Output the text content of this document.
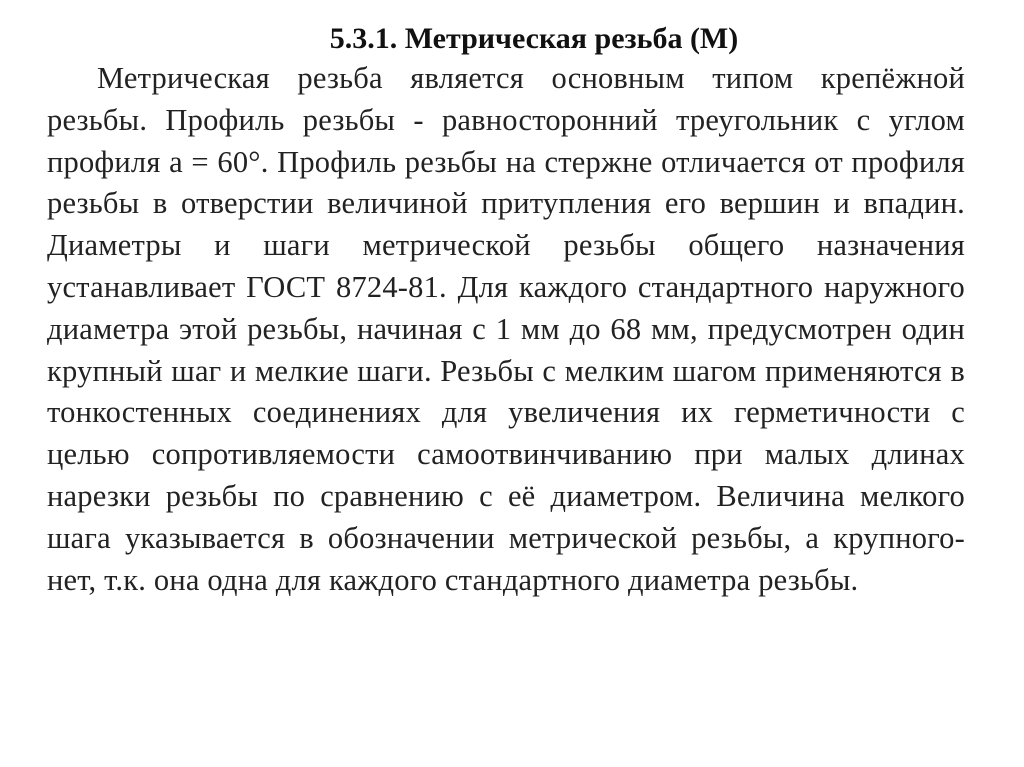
5.3.1. Метрическая резьба (М)

Метрическая резьба является основным типом крепёжной резьбы. Профиль резьбы - равносторонний треугольник с углом профиля a = 60°. Профиль резьбы на стержне отличается от профиля резьбы в отверстии величиной притупления его вершин и впадин. Диаметры и шаги метрической резьбы общего назначения устанавливает ГОСТ 8724-81. Для каждого стандартного наружного диаметра этой резьбы, начиная с 1 мм до 68 мм, предусмотрен один крупный шаг и мелкие шаги. Резьбы с мелким шагом применяются в тонкостенных соединениях для увеличения их герметичности с целью сопротивляемости самоотвинчиванию при малых длинах нарезки резьбы по сравнению с её диаметром. Величина мелкого шага указывается в обозначении метрической резьбы, а крупного- нет, т.к. она одна для каждого стандартного диаметра резьбы.
